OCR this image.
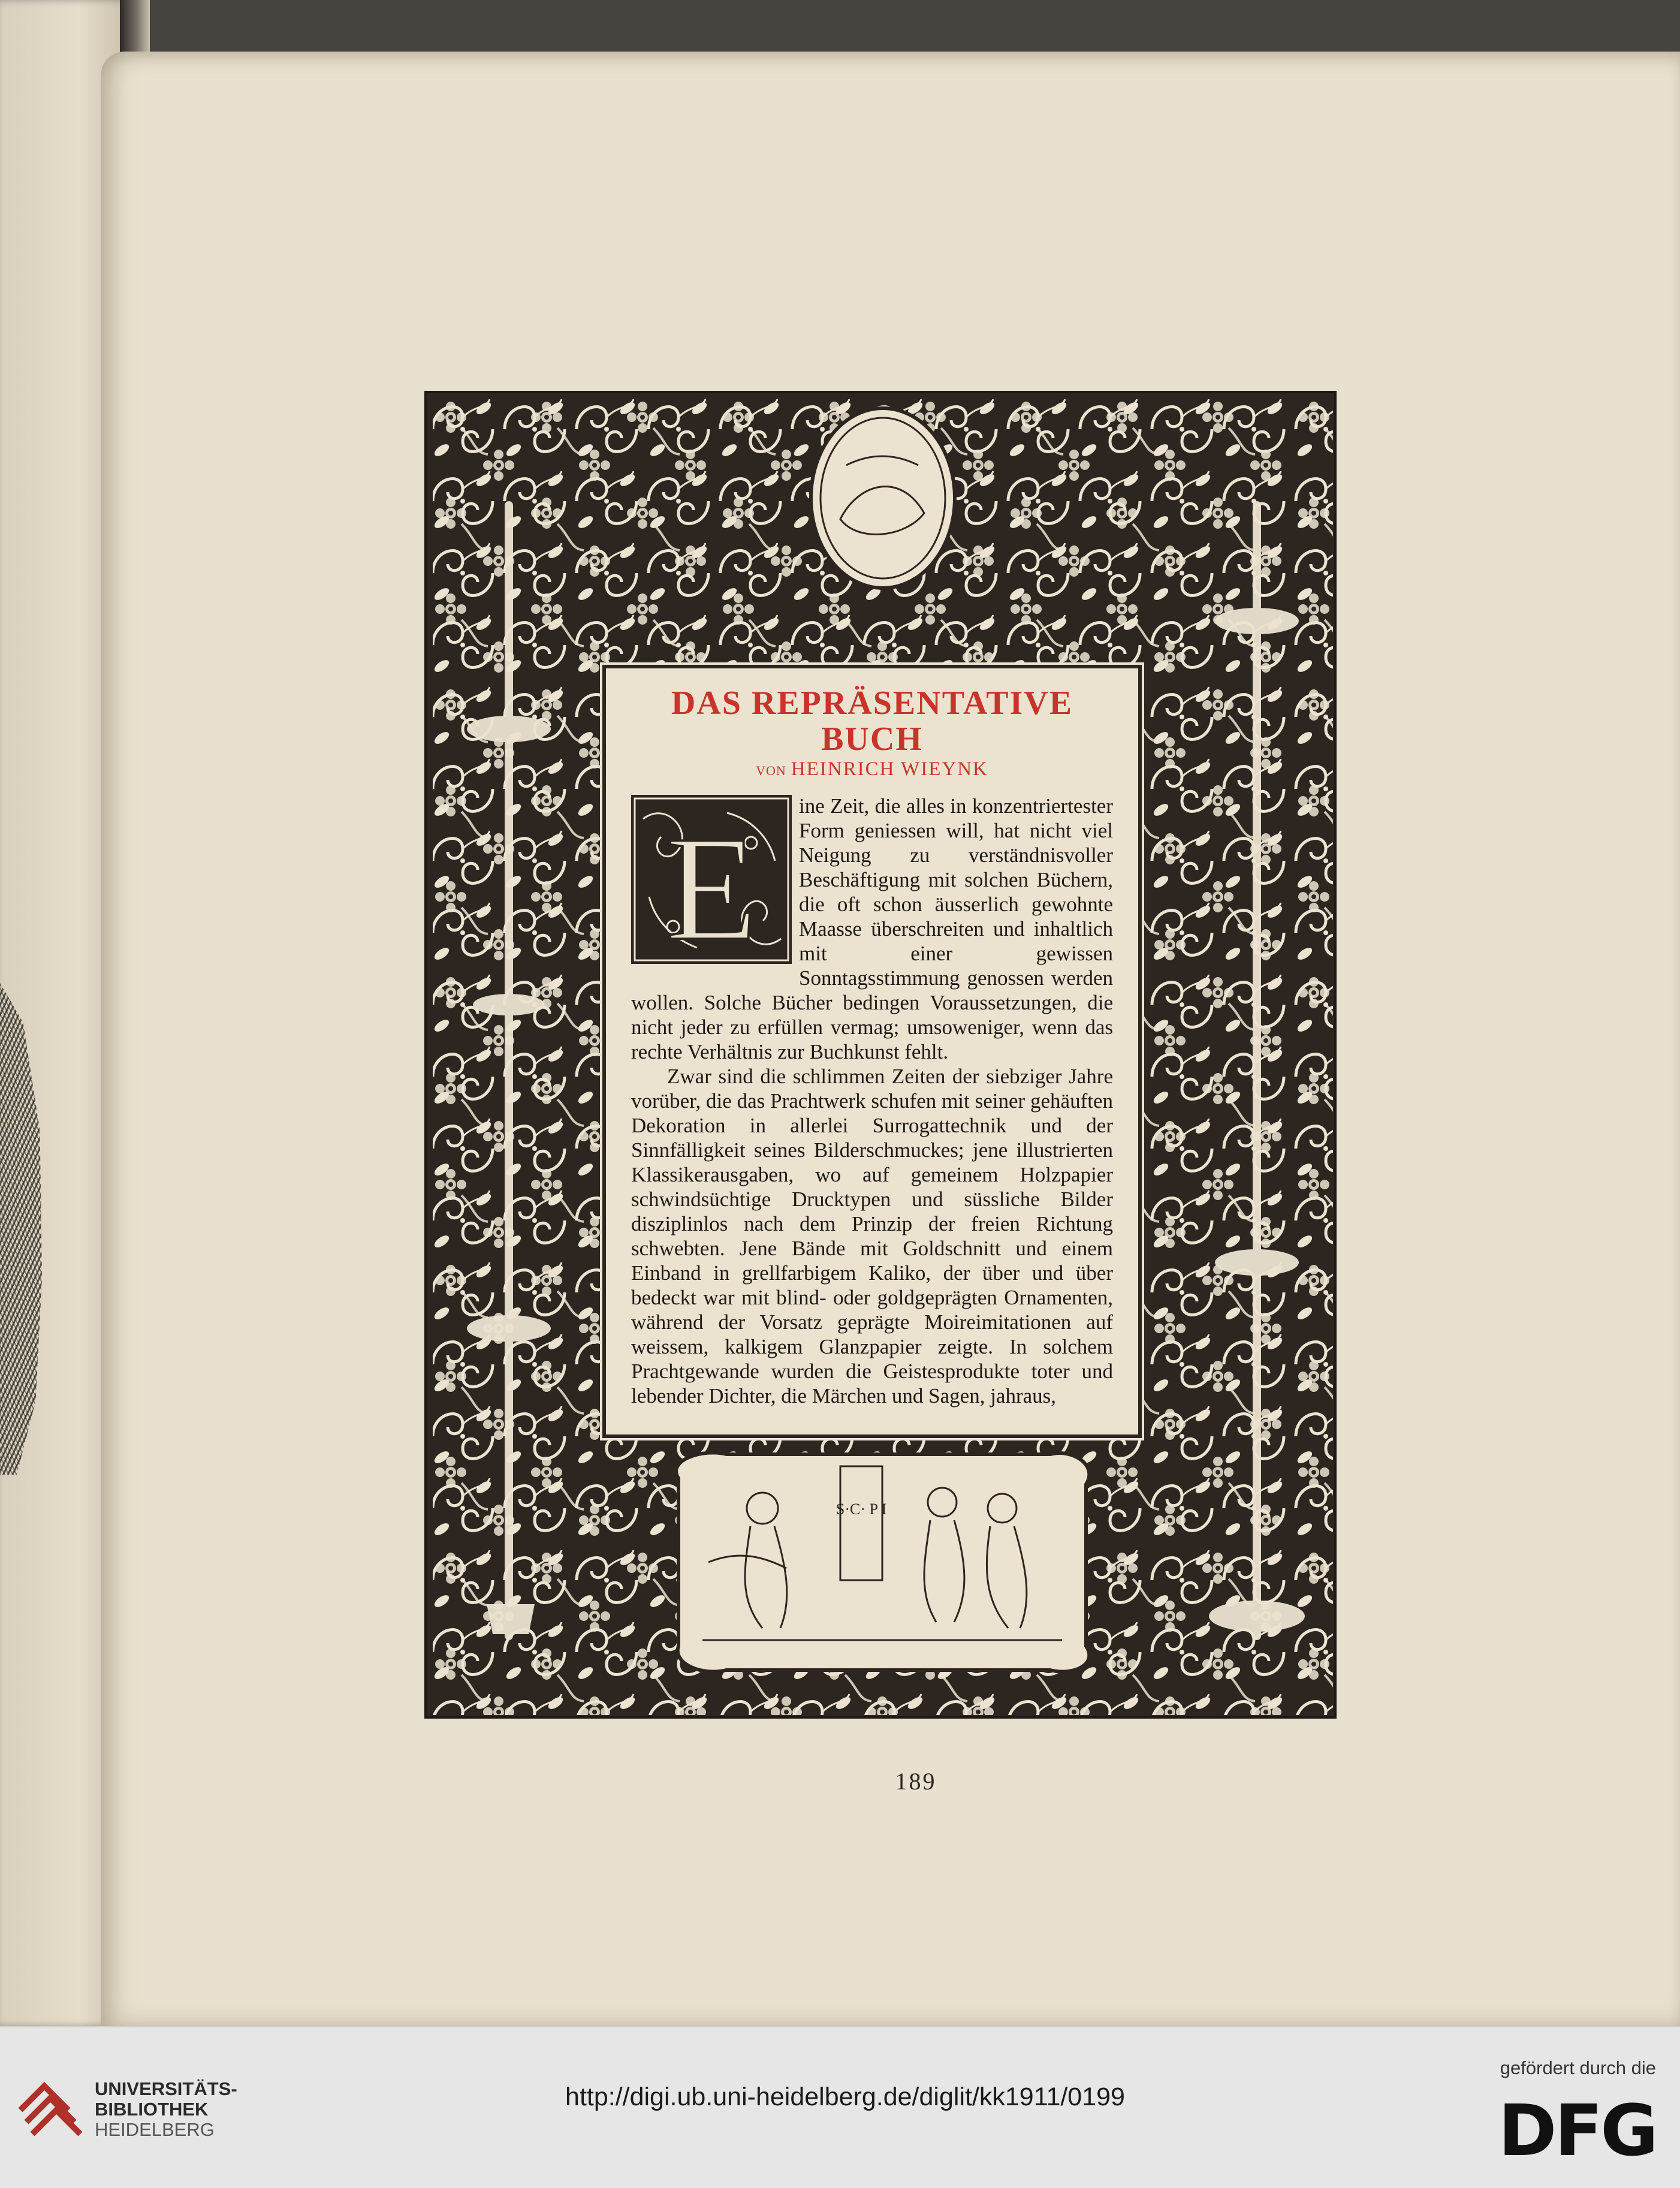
S·C· P I
DAS REPRÄSENTATIVE BUCH

VON HEINRICH WIEYNK

E	ine Zeit, die alles in konzentriertester Form geniessen will, hat nicht viel Neigung zu verständnisvoller Beschäftigung mit solchen Büchern, die oft schon äusserlich gewohnte Maasse überschreiten und inhaltlich mit einer gewissen Sonntagsstimmung genossen werden wollen. Solche Bücher bedingen Voraussetzungen, die nicht jeder zu erfüllen vermag; umsoweniger, wenn das rechte Verhältnis zur Buchkunst fehlt.

Zwar sind die schlimmen Zeiten der siebziger Jahre vorüber, die das Prachtwerk schufen mit seiner gehäuften Dekoration in allerlei Surrogattechnik und der Sinnfälligkeit seines Bilderschmuckes; jene illustrierten Klassikerausgaben, wo auf gemeinem Holzpapier schwindsüchtige Drucktypen und süssliche Bilder disziplinlos nach dem Prinzip der freien Richtung schwebten. Jene Bände mit Goldschnitt und einem Einband in grellfarbigem Kaliko, der über und über bedeckt war mit blind- oder goldgeprägten Ornamenten, während der Vorsatz geprägte Moireimitationen auf weissem, kalkigem Glanzpapier zeigte. In solchem Prachtgewande wurden die Geistesprodukte toter und lebender Dichter, die Märchen und Sagen, jahraus,

189
UNIVERSITÄTS-
BIBLIOTHEK
HEIDELBERG
http://digi.ub.uni-heidelberg.de/diglit/kk1911/0199
gefördert durch die
DFG
